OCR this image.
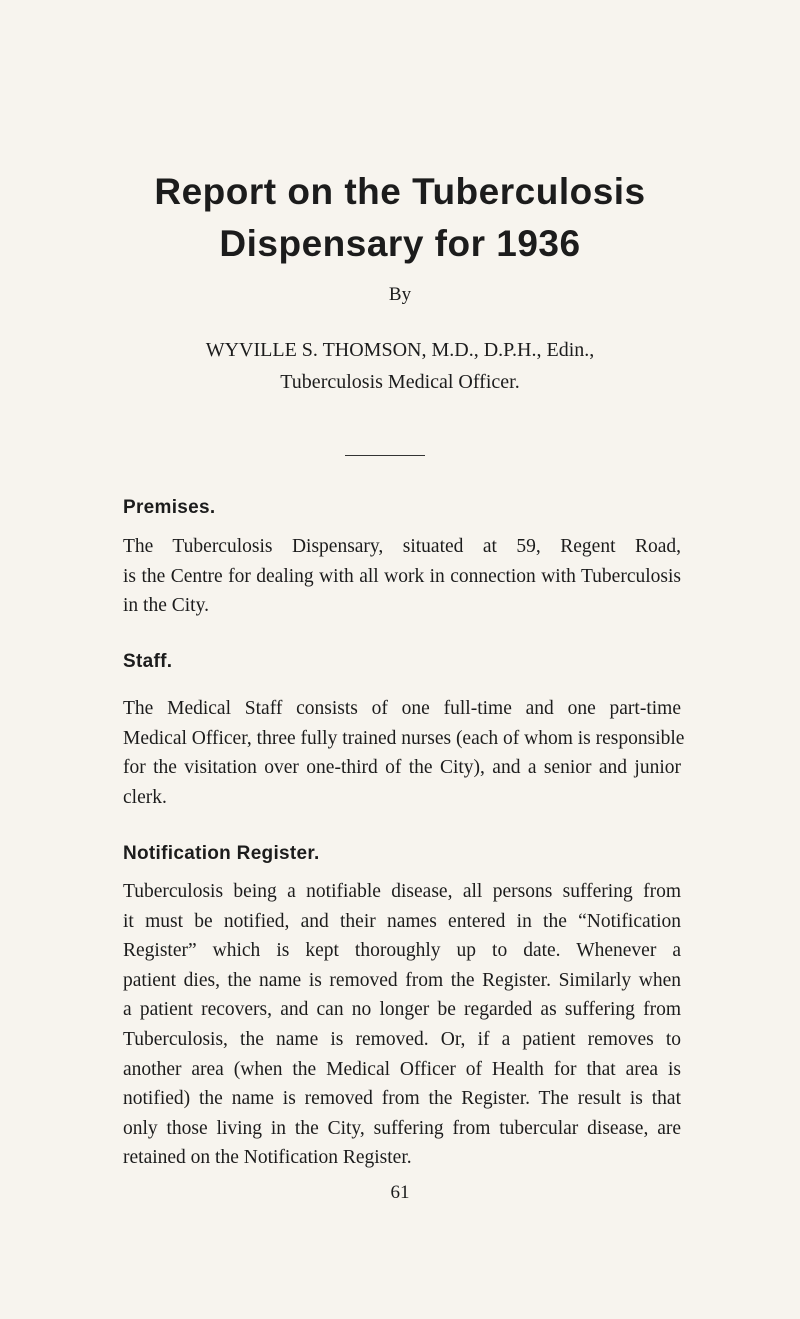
Report on the Tuberculosis
Dispensary for 1936
By
WYVILLE S. THOMSON, M.D., D.P.H., Edin.,
Tuberculosis Medical Officer.
Premises.

The Tuberculosis Dispensary, situated at 59, Regent Road,
is the Centre for dealing with all work in connection with Tuberculosis
in the City.

Staff.

The Medical Staff consists of one full-time and one part-time
Medical Officer, three fully trained nurses (each of whom is responsible
for the visitation over one-third of the City), and a senior and junior
clerk.

Notification Register.

Tuberculosis being a notifiable disease, all persons suffering from
it must be notified, and their names entered in the “Notification
Register” which is kept thoroughly up to date. Whenever a
patient dies, the name is removed from the Register. Similarly when
a patient recovers, and can no longer be regarded as suffering from
Tuberculosis, the name is removed. Or, if a patient removes to
another area (when the Medical Officer of Health for that area is
notified) the name is removed from the Register. The result is that
only those living in the City, suffering from tubercular disease, are
retained on the Notification Register.

61
